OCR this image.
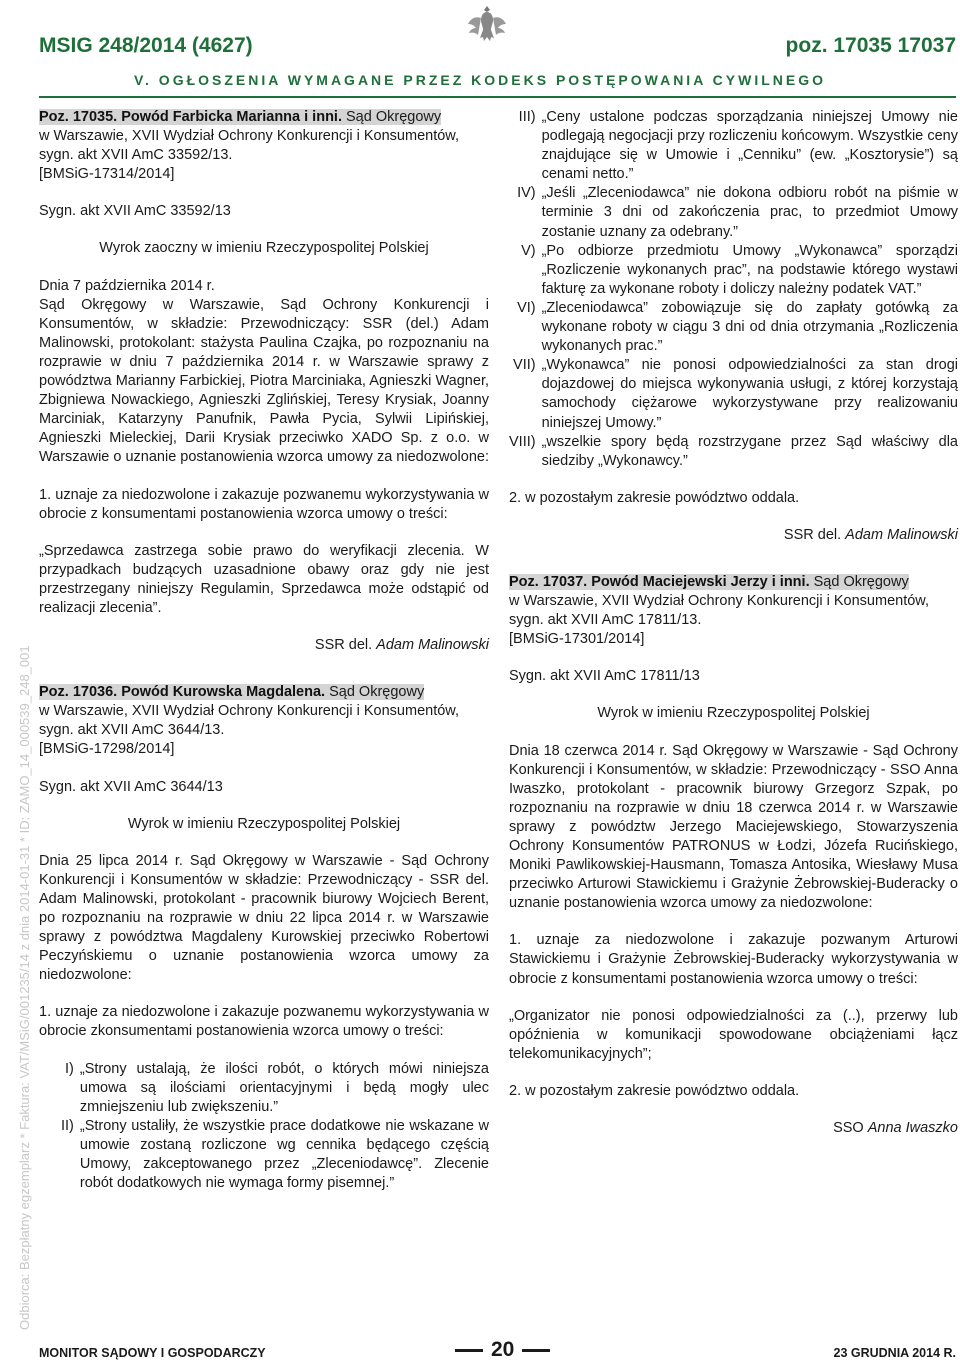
MSIG 248/2014 (4627)	poz. 17035 17037
V. OGŁOSZENIA WYMAGANE PRZEZ KODEKS POSTĘPOWANIA CYWILNEGO
Odbiorca: Bezpłatny egzemplarz * Faktura: VAT/MSiG/001235/14 z dnia 2014-01-31 * ID: ZAMO_14_000539_248_001

Poz. 17035. Powód Farbicka Marianna i inni. Sąd Okręgowy

w Warszawie, XVII Wydział Ochrony Konkurencji i Konsumentów, sygn. akt XVII AmC 33592/13.

[BMSiG-17314/2014]

Sygn. akt XVII AmC 33592/13

Wyrok zaoczny w imieniu Rzeczypospolitej Polskiej

Dnia 7 października 2014 r.

Sąd Okręgowy w Warszawie, Sąd Ochrony Konkurencji i Konsumentów, w składzie: Przewodniczący: SSR (del.) Adam Malinowski, protokolant: stażysta Paulina Czajka, po rozpoznaniu na rozprawie w dniu 7 października 2014 r. w Warszawie sprawy z powództwa Marianny Farbickiej, Piotra Marciniaka, Agnieszki Wagner, Zbigniewa Nowackiego, Agnieszki Zglińskiej, Teresy Krysiak, Joanny Marciniak, Katarzyny Panufnik, Pawła Pycia, Sylwii Lipińskiej, Agnieszki Mieleckiej, Darii Krysiak przeciwko XADO Sp. z o.o. w Warszawie o uznanie postanowienia wzorca umowy za niedozwolone:

1. uznaje za niedozwolone i zakazuje pozwanemu wykorzystywania w obrocie z konsumentami postanowienia wzorca umowy o treści:

„Sprzedawca zastrzega sobie prawo do weryfikacji zlecenia. W przypadkach budzących uzasadnione obawy oraz gdy nie jest przestrzegany niniejszy Regulamin, Sprzedawca może odstąpić od realizacji zlecenia”.

SSR del. Adam Malinowski

Poz. 17036. Powód Kurowska Magdalena. Sąd Okręgowy

w Warszawie, XVII Wydział Ochrony Konkurencji i Konsumentów, sygn. akt XVII AmC 3644/13.

[BMSiG-17298/2014]

Sygn. akt XVII AmC 3644/13

Wyrok w imieniu Rzeczypospolitej Polskiej

Dnia 25 lipca 2014 r. Sąd Okręgowy w Warszawie - Sąd Ochrony Konkurencji i Konsumentów w składzie: Przewodniczący - SSR del. Adam Malinowski, protokolant - pracownik biurowy Wojciech Berent, po rozpoznaniu na rozprawie w dniu 22 lipca 2014 r. w Warszawie sprawy z powództwa Magdaleny Kurowskiej przeciwko Robertowi Peczyńskiemu o uznanie postanowienia wzorca umowy za niedozwolone:

1. uznaje za niedozwolone i zakazuje pozwanemu wykorzystywania w obrocie zkonsumentami postanowienia wzorca umowy o treści:

I) „Strony ustalają, że ilości robót, o których mówi niniejsza umowa są ilościami orientacyjnymi i będą mogły ulec zmniejszeniu lub zwiększeniu.”
II) „Strony ustaliły, że wszystkie prace dodatkowe nie wskazane w umowie zostaną rozliczone wg cennika będącego częścią Umowy, zakceptowanego przez „Zleceniodawcę”. Zlecenie robót dodatkowych nie wymaga formy pisemnej.”
III) „Ceny ustalone podczas sporządzania niniejszej Umowy nie podlegają negocjacji przy rozliczeniu końcowym. Wszystkie ceny znajdujące się w Umowie i „Cenniku” (ew. „Kosztorysie”) są cenami netto.”
IV) „Jeśli „Zleceniodawca” nie dokona odbioru robót na piśmie w terminie 3 dni od zakończenia prac, to przedmiot Umowy zostanie uznany za odebrany.”
V) „Po odbiorze przedmiotu Umowy „Wykonawca” sporządzi „Rozliczenie wykonanych prac”, na podstawie którego wystawi fakturę za wykonane roboty i doliczy należny podatek VAT.”
VI) „Zleceniodawca” zobowiązuje się do zapłaty gotówką za wykonane roboty w ciągu 3 dni od dnia otrzymania „Rozliczenia wykonanych prac.”
VII) „Wykonawca” nie ponosi odpowiedzialności za stan drogi dojazdowej do miejsca wykonywania usługi, z której korzystają samochody ciężarowe wykorzystywane przy realizowaniu niniejszej Umowy.”
VIII) „wszelkie spory będą rozstrzygane przez Sąd właściwy dla siedziby „Wykonawcy.”

2. w pozostałym zakresie powództwo oddala.

SSR del. Adam Malinowski

Poz. 17037. Powód Maciejewski Jerzy i inni. Sąd Okręgowy

w Warszawie, XVII Wydział Ochrony Konkurencji i Konsumentów, sygn. akt XVII AmC 17811/13.

[BMSiG-17301/2014]

Sygn. akt XVII AmC 17811/13

Wyrok w imieniu Rzeczypospolitej Polskiej

Dnia 18 czerwca 2014 r. Sąd Okręgowy w Warszawie - Sąd Ochrony Konkurencji i Konsumentów, w składzie: Przewodniczący - SSO Anna Iwaszko, protokolant - pracownik biurowy Grzegorz Szpak, po rozpoznaniu na rozprawie w dniu 18 czerwca 2014 r. w Warszawie sprawy z powództw Jerzego Maciejewskiego, Stowarzyszenia Ochrony Konsumentów PATRONUS w Łodzi, Józefa Rucińskiego, Moniki Pawlikowskiej-Hausmann, Tomasza Antosika, Wiesławy Musa przeciwko Arturowi Stawickiemu i Grażynie Żebrowskiej-Buderacky o uznanie postanowienia wzorca umowy za niedozwolone:

1. uznaje za niedozwolone i zakazuje pozwanym Arturowi Stawickiemu i Grażynie Żebrowskiej-Buderacky wykorzystywania w obrocie z konsumentami postanowienia wzorca umowy o treści:

„Organizator nie ponosi odpowiedzialności za (..), przerwy lub opóźnienia w komunikacji spowodowane obciążeniami łącz telekomunikacyjnych”;

2. w pozostałym zakresie powództwo oddala.

SSO Anna Iwaszko

MONITOR SĄDOWY I GOSPODARCZY	20	23 GRUDNIA 2014 R.
